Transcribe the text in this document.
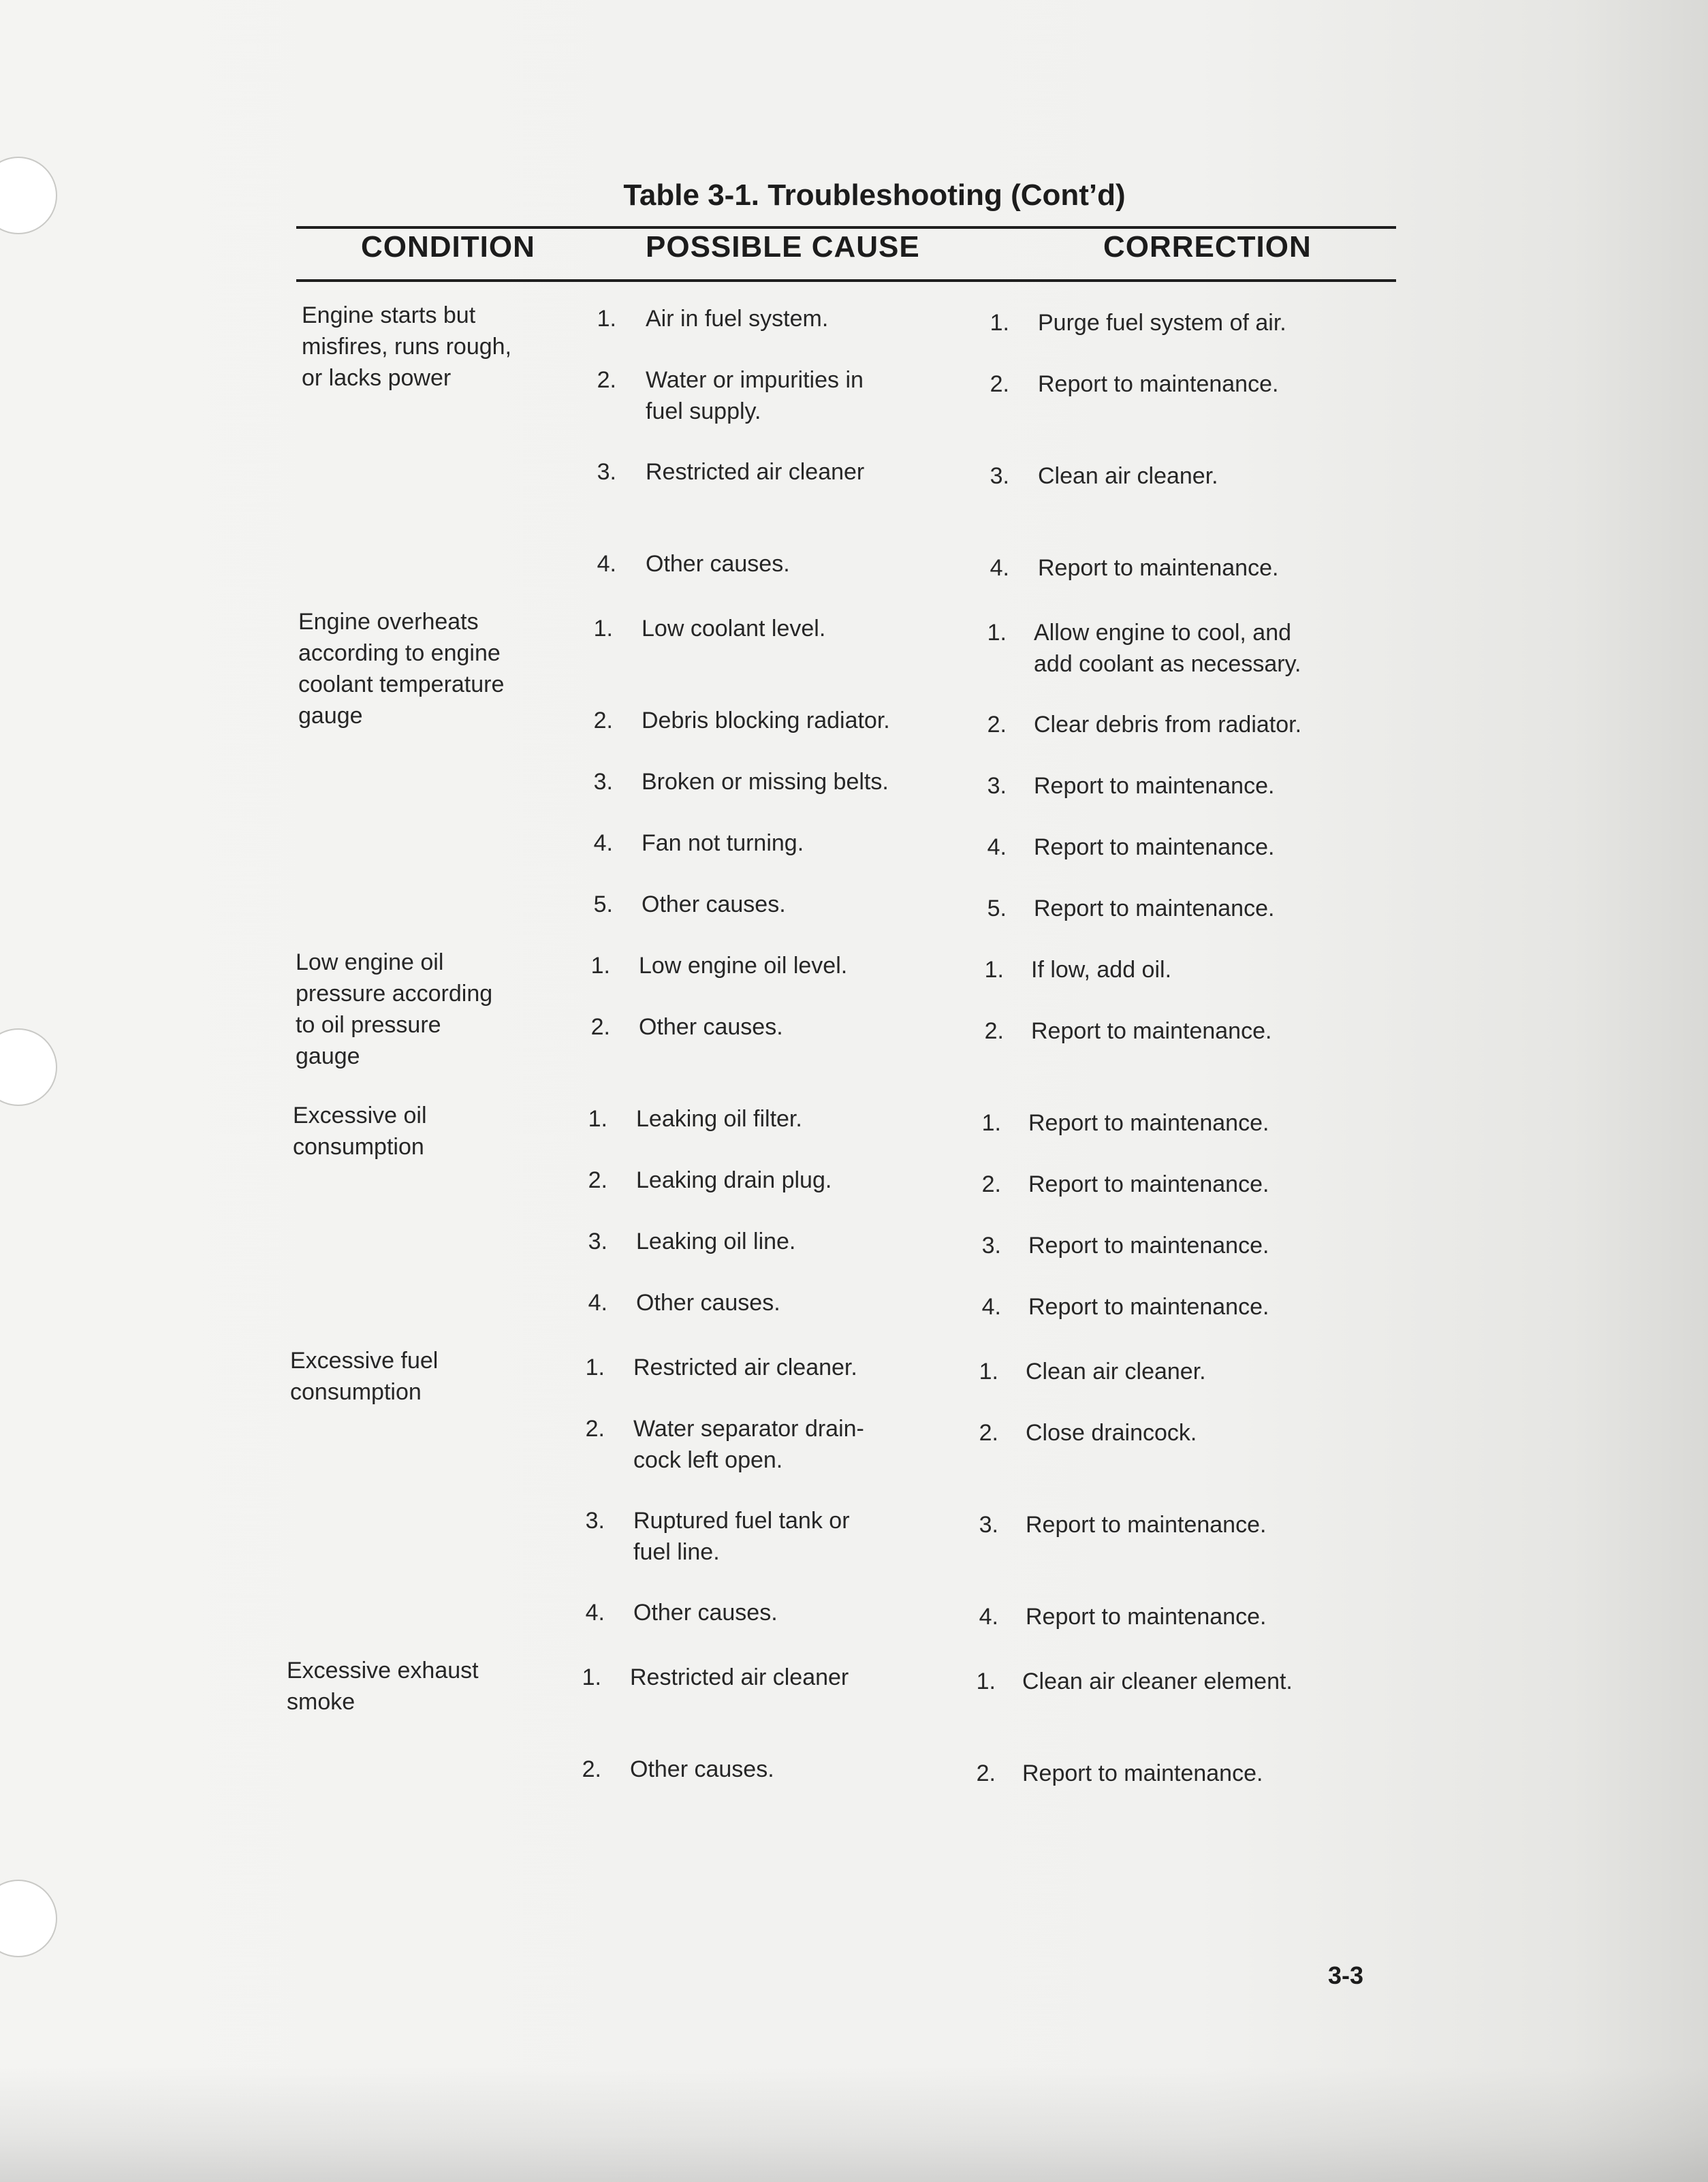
Table 3-1. Troubleshooting (Cont’d)
CONDITION	POSSIBLE CAUSE	CORRECTION
Engine starts but
misfires, runs rough,
or lacks power
1. Air in fuel system.	1. Purge fuel system of air.
2. Water or impurities in
fuel supply.
2. Report to maintenance.
3. Restricted air cleaner	3. Clean air cleaner.
4. Other causes.	4. Report to maintenance.
Engine overheats
according to engine
coolant temperature
gauge
1. Low coolant level.	1. Allow engine to cool, and
add coolant as necessary.
2. Debris blocking radiator.	2. Clear debris from radiator.
3. Broken or missing belts.	3. Report to maintenance.
4. Fan not turning.	4. Report to maintenance.
5. Other causes.	5. Report to maintenance.
Low engine oil
pressure according
to oil pressure
gauge
1. Low engine oil level.	1. If low, add oil.
2. Other causes.	2. Report to maintenance.
Excessive oil
consumption
1. Leaking oil filter.	1. Report to maintenance.
2. Leaking drain plug.	2. Report to maintenance.
3. Leaking oil line.	3. Report to maintenance.
4. Other causes.	4. Report to maintenance.
Excessive fuel
consumption
1. Restricted air cleaner.	1. Clean air cleaner.
2. Water separator drain-
cock left open.
2. Close draincock.
3. Ruptured fuel tank or
fuel line.
3. Report to maintenance.
4. Other causes.	4. Report to maintenance.
Excessive exhaust
smoke
1. Restricted air cleaner	1. Clean air cleaner element.
2. Other causes.	2. Report to maintenance.
3-3
